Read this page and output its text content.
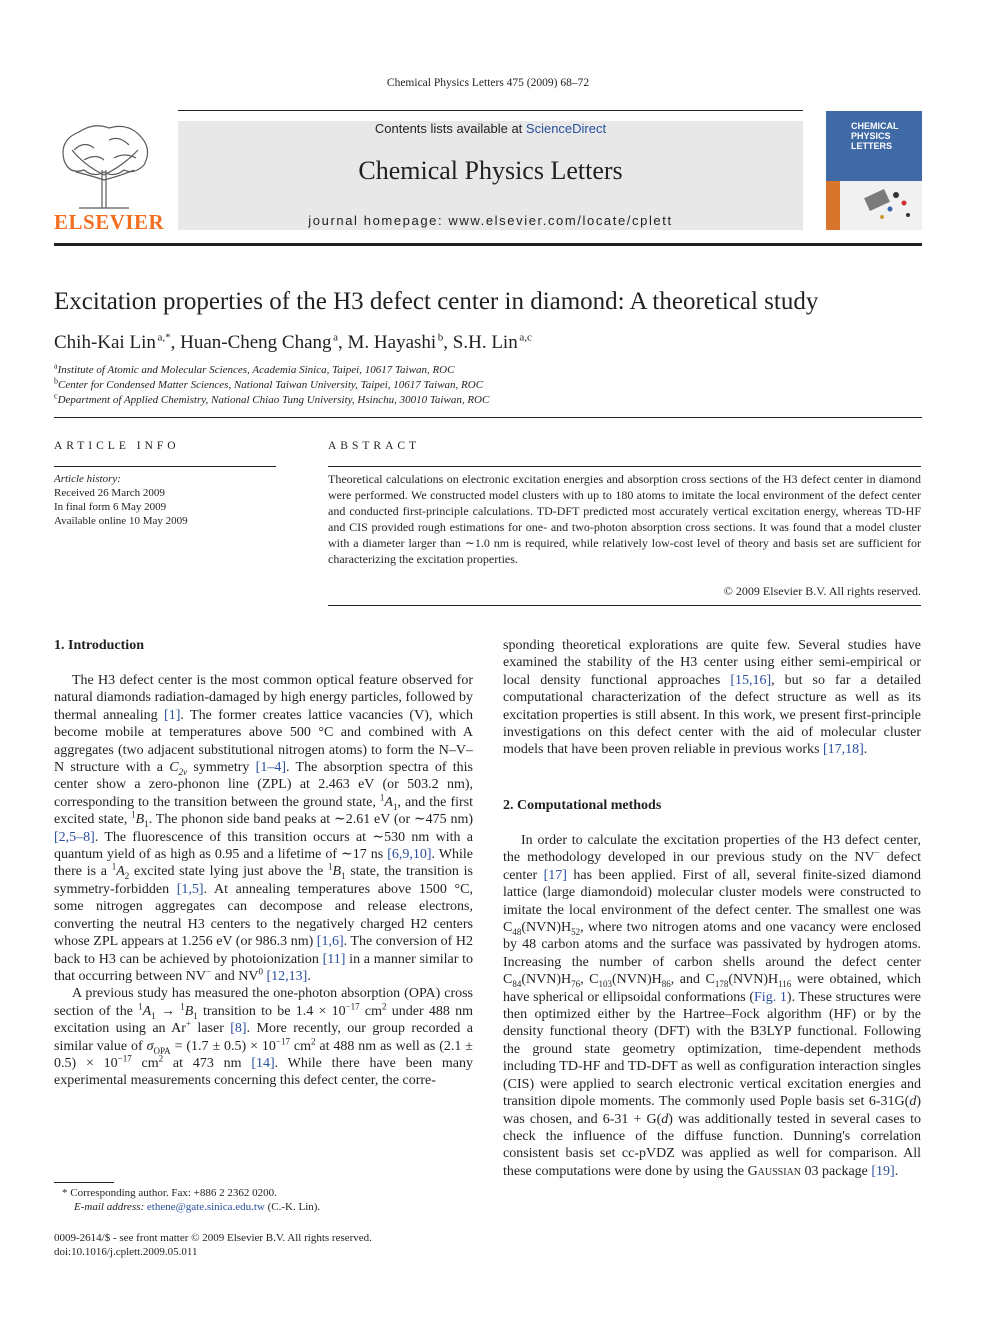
Chemical Physics Letters 475 (2009) 68–72
ELSEVIER
Contents lists available at ScienceDirect
Chemical Physics Letters
journal homepage: www.elsevier.com/locate/cplett
CHEMICAL
PHYSICS
LETTERS
Excitation properties of the H3 defect center in diamond: A theoretical study
Chih-Kai Lin  $^{a,*}$, Huan-Cheng Chang  $^a$, M. Hayashi  $^b$, S.H. Lin  $^{a,c}$
$^a$Institute of Atomic and Molecular Sciences, Academia Sinica, Taipei, 10617 Taiwan, ROC
$^b$Center for Condensed Matter Sciences, National Taiwan University, Taipei, 10617 Taiwan, ROC
$^c$Department of Applied Chemistry, National Chiao Tung University, Hsinchu, 30010 Taiwan, ROC
ARTICLE INFO
Article history:
Received 26 March 2009
In final form 6 May 2009
Available online 10 May 2009
ABSTRACT
Theoretical calculations on electronic excitation energies and absorption cross sections of the H3 defect center in diamond were performed. We constructed model clusters with up to 180 atoms to imitate the local environment of the defect center and conducted first-principle calculations. TD-DFT predicted most accurately vertical excitation energy, whereas TD-HF and CIS provided rough estimations for one- and two-photon absorption cross sections. It was found that a model cluster with a diameter larger than ∼1.0 nm is required, while relatively low-cost level of theory and basis set are sufficient for characterizing the excitation properties.
© 2009 Elsevier B.V. All rights reserved.
1. Introduction

The H3 defect center is the most common optical feature observed for natural diamonds radiation-damaged by high energy particles, followed by thermal annealing [1]. The former creates lattice vacancies (V), which become mobile at temperatures above 500 °C and combined with A aggregates (two adjacent substitutional nitrogen atoms) to form the N–V–N structure with a $C_{2v}$ symmetry [1–4]. The absorption spectra of this center show a zero-phonon line (ZPL) at 2.463 eV (or 503.2 nm), corresponding to the transition between the ground state, $^1A_1$, and the first excited state, $^1B_1$. The phonon side band peaks at ∼2.61 eV (or ∼475 nm) [2,5–8]. The fluorescence of this transition occurs at ∼530 nm with a quantum yield of as high as 0.95 and a lifetime of ∼17 ns [6,9,10]. While there is a $^1A_2$ excited state lying just above the $^1B_1$ state, the transition is symmetry-forbidden [1,5]. At annealing temperatures above 1500 °C, some nitrogen aggregates can decompose and release electrons, converting the neutral H3 centers to the negatively charged H2 centers whose ZPL appears at 1.256 eV (or 986.3 nm) [1,6]. The conversion of H2 back to H3 can be achieved by photoionization [11] in a manner similar to that occurring between NV− and $NV^0$ [12,13].

A previous study has measured the one-photon absorption (OPA) cross section of the $^1A_1 \to ^1B_1$ transition to be $1.4 \times 10^{-17}$ $cm^2$ under 488 nm excitation using an Ar+ laser [8]. More recently, our group recorded a similar value of $\sigma_{OPA} = (1.7 \pm 0.5) \times 10^{-17}$ $cm^2$ at 488 nm as well as $(2.1 \pm 0.5) \times 10^{-17}$ $cm^2$ at 473 nm [14]. While there have been many experimental measurements concerning this defect center, the corre-

* Corresponding author. Fax: +886 2 2362 0200.
E-mail address: ethene@gate.sinica.edu.tw (C.-K. Lin).
0009-2614/$ - see front matter © 2009 Elsevier B.V. All rights reserved.
doi:10.1016/j.cplett.2009.05.011

sponding theoretical explorations are quite few. Several studies have examined the stability of the H3 center using either semi-empirical or local density functional approaches [15,16], but so far a detailed computational characterization of the defect structure as well as its excitation properties is still absent. In this work, we present first-principle investigations on this defect center with the aid of molecular cluster models that have been proven reliable in previous works [17,18].

2. Computational methods

In order to calculate the excitation properties of the H3 defect center, the methodology developed in our previous study on the NV− defect center [17] has been applied. First of all, several finite-sized diamond lattice (large diamondoid) molecular cluster models were constructed to imitate the local environment of the defect center. The smallest one was $C_{48}(NVN)H_{52}$, where two nitrogen atoms and one vacancy were enclosed by 48 carbon atoms and the surface was passivated by hydrogen atoms. Increasing the number of carbon shells around the defect center $C_{84}(NVN)H_{76}$, $C_{103}(NVN)H_{86}$, and $C_{178}(NVN)H_{116}$ were obtained, which have spherical or ellipsoidal conformations (Fig. 1). These structures were then optimized either by the Hartree–Fock algorithm (HF) or by the density functional theory (DFT) with the B3LYP functional. Following the ground state geometry optimization, time-dependent methods including TD-HF and TD-DFT as well as configuration interaction singles (CIS) were applied to search electronic vertical excitation energies and transition dipole moments. The commonly used Pople basis set 6-31G(d) was chosen, and 6-31 + G(d) was additionally tested in several cases to check the influence of the diffuse function. Dunning's correlation consistent basis set cc-pVDZ was applied as well for comparison. All these computations were done by using the Gaussian 03 package [19].
